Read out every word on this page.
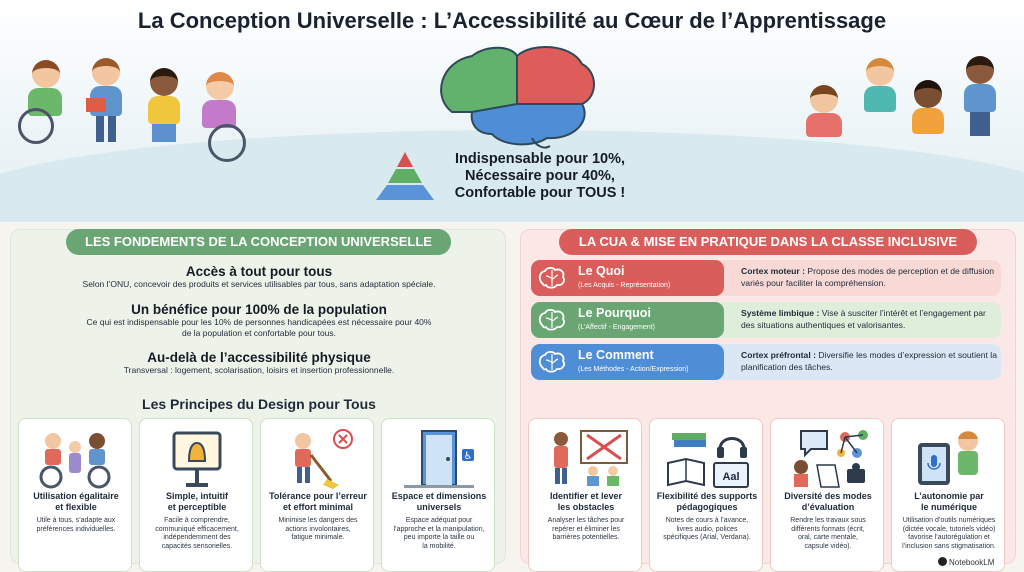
La Conception Universelle : L’Accessibilité au Cœur de l’Apprentissage
Indispensable pour 10%,
Nécessaire pour 40%,
Confortable pour TOUS !
LES FONDEMENTS DE LA CONCEPTION UNIVERSELLE
Accès à tout pour tous
Selon l’ONU, concevoir des produits et services utilisables par tous, sans adaptation spéciale.
Un bénéfice pour 100% de la population
Ce qui est indispensable pour les 10% de personnes handicapées est nécessaire pour 40%
de la population et confortable pour tous.
Au-delà de l’accessibilité physique
Transversal : logement, scolarisation, loisirs et insertion professionnelle.
Les Principes du Design pour Tous
Utilisation égalitaire
et flexible
Utile à tous, s’adapte aux
préférences individuelles.
Simple, intuitif
et perceptible
Facile à comprendre,
communiqué efficacement,
indépendemment des
capacités sensorielles.
Tolérance pour l’erreur
et effort minimal
Minimise les dangers des
actions involontaires,
fatigue minimale.
♿
Espace et dimensions
universels
Espace adéquat pour
l’approche et la manipulation,
peu importe la taille ou
la mobilité.
LA CUA & MISE EN PRATIQUE DANS LA CLASSE INCLUSIVE
Le Quoi
(Les Acquis - Représentation)
Cortex moteur : Propose des modes de perception et de diffusion variés pour faciliter la compréhension.
Le Pourquoi
(L’Affectif - Engagement)
Système limbique : Vise à susciter l’intérêt et l’engagement par des situations authentiques et valorisantes.
Le Comment
(Les Méthodes - Action/Expression)
Cortex préfrontal : Diversifie les modes d’expression et soutient la planification des tâches.
Identifier et lever
les obstacles
Analyser les tâches pour
repérer et éliminer les
barrières potentielles.
Aal
Flexibilité des supports
pédagogiques
Notes de cours à l’avance,
livres audio, polices
spécifiques (Arial, Verdana).
Diversité des modes
d’évaluation
Rendre les travaux sous
différents formats (écrit,
oral, carte mentale,
capsule vidéo).
L’autonomie par
le numérique
Utilisation d’outils numériques
(dictée vocale, tutoriels vidéo)
favorise l’autorégulation et
l’inclusion sans stigmatisation.
NotebookLM
